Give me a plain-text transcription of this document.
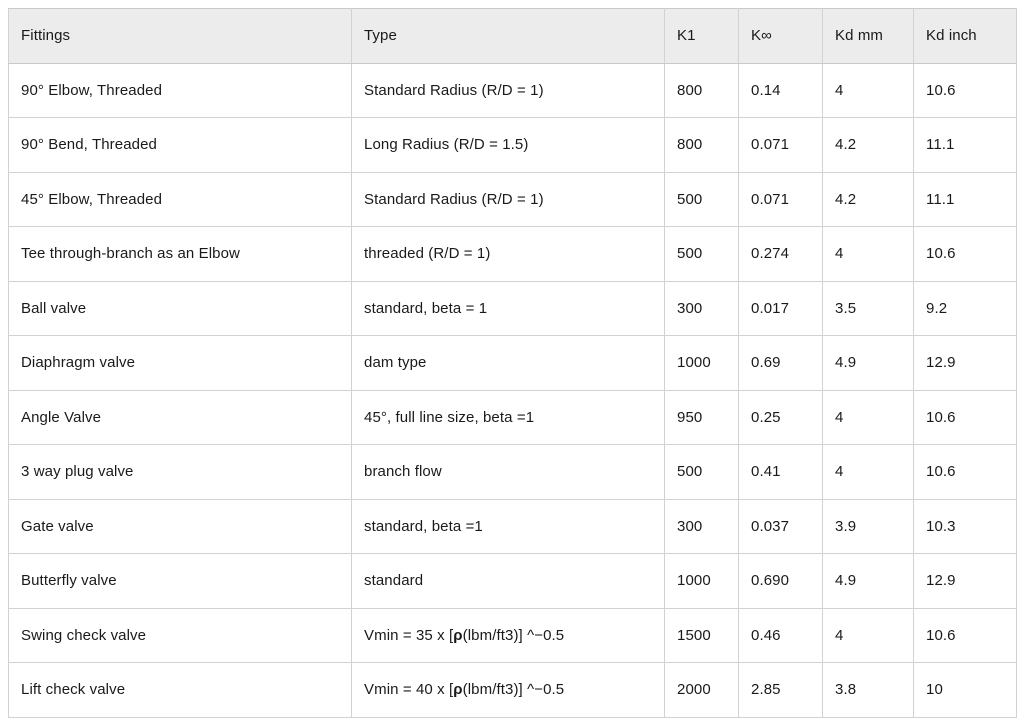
Fittings	Type	K1	K∞	Kd mm	Kd inch
90° Elbow, Threaded	Standard Radius (R/D = 1)	800	0.14	4	10.6
90° Bend, Threaded	Long Radius (R/D = 1.5)	800	0.071	4.2	11.1
45° Elbow, Threaded	Standard Radius (R/D = 1)	500	0.071	4.2	11.1
Tee through-branch as an Elbow	threaded (R/D = 1)	500	0.274	4	10.6
Ball valve	standard, beta = 1	300	0.017	3.5	9.2
Diaphragm valve	dam type	1000	0.69	4.9	12.9
Angle Valve	45°, full line size, beta =1	950	0.25	4	10.6
3 way plug valve	branch flow	500	0.41	4	10.6
Gate valve	standard, beta =1	300	0.037	3.9	10.3
Butterfly valve	standard	1000	0.690	4.9	12.9
Swing check valve	Vmin = 35 x [ρ(lbm/ft3)] ^−0.5	1500	0.46	4	10.6
Lift check valve	Vmin = 40 x [ρ(lbm/ft3)] ^−0.5	2000	2.85	3.8	10
